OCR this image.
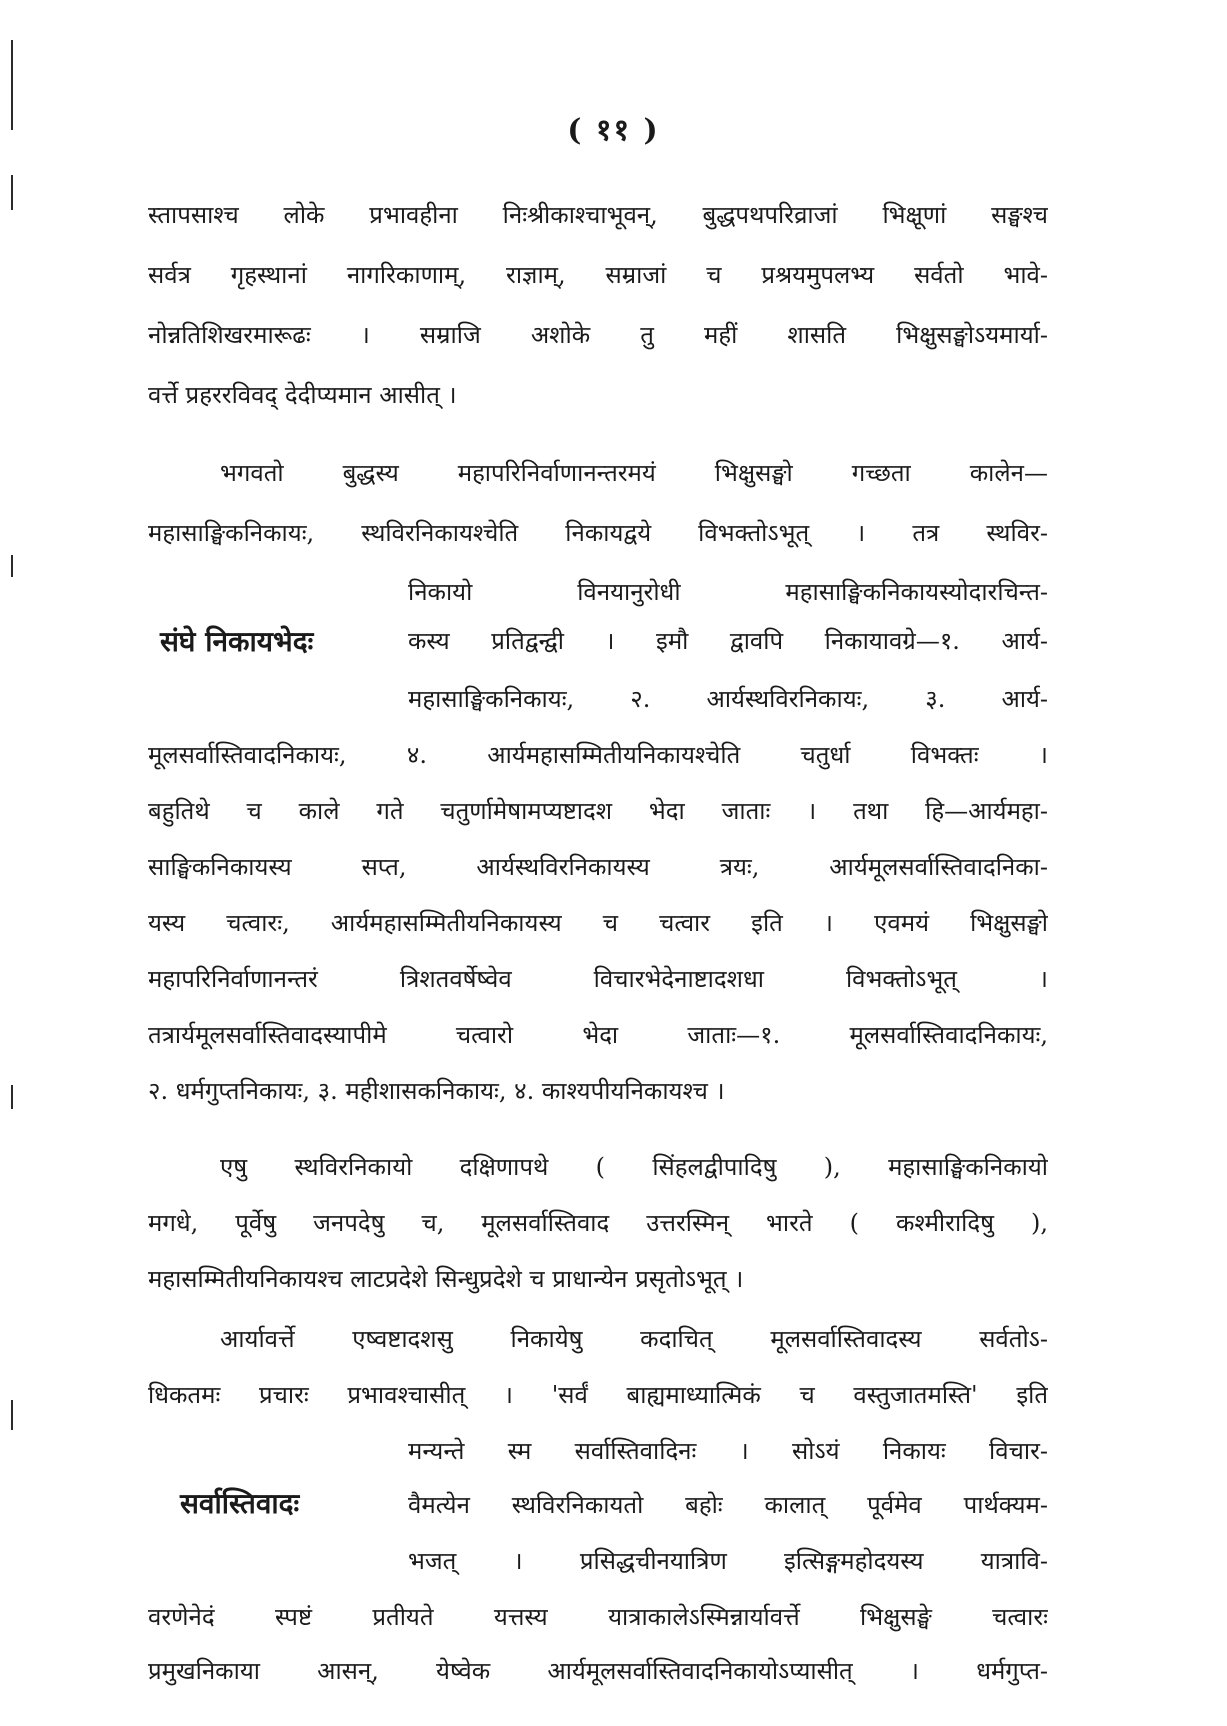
( ११ )
स्तापसाश्च लोके प्रभावहीना निःश्रीकाश्चाभूवन्, बुद्धपथपरिव्राजां भिक्षूणां सङ्घश्च
सर्वत्र गृहस्थानां नागरिकाणाम्, राज्ञाम्, सम्राजां च प्रश्रयमुपलभ्य सर्वतो भावे-
नोन्नतिशिखरमारूढः । सम्राजि अशोके तु महीं शासति भिक्षुसङ्घोऽयमार्या-
वर्त्ते प्रहररविवद् देदीप्यमान आसीत् ।
भगवतो बुद्धस्य महापरिनिर्वाणानन्तरमयं भिक्षुसङ्घो गच्छता कालेन—
महासाङ्घिकनिकायः, स्थविरनिकायश्चेति निकायद्वये विभक्तोऽभूत् । तत्र स्थविर-
निकायो विनयानुरोधी महासाङ्घिकनिकायस्योदारचिन्त-
संघे निकायभेदः	कस्य प्रतिद्वन्द्वी । इमौ द्वावपि निकायावग्रे—१. आर्य-
महासाङ्घिकनिकायः, २. आर्यस्थविरनिकायः, ३. आर्य-
मूलसर्वास्तिवादनिकायः, ४. आर्यमहासम्मितीयनिकायश्चेति चतुर्धा विभक्तः ।
बहुतिथे च काले गते चतुर्णामेषामप्यष्टादश भेदा जाताः । तथा हि—आर्यमहा-
साङ्घिकनिकायस्य सप्त, आर्यस्थविरनिकायस्य त्रयः, आर्यमूलसर्वास्तिवादनिका-
यस्य चत्वारः, आर्यमहासम्मितीयनिकायस्य च चत्वार इति । एवमयं भिक्षुसङ्घो
महापरिनिर्वाणानन्तरं त्रिशतवर्षेष्वेव विचारभेदेनाष्टादशधा विभक्तोऽभूत् ।
तत्रार्यमूलसर्वास्तिवादस्यापीमे चत्वारो भेदा जाताः—१. मूलसर्वास्तिवादनिकायः,
२. धर्मगुप्तनिकायः, ३. महीशासकनिकायः, ४. काश्यपीयनिकायश्च ।
एषु स्थविरनिकायो दक्षिणापथे ( सिंहलद्वीपादिषु ), महासाङ्घिकनिकायो
मगधे, पूर्वेषु जनपदेषु च, मूलसर्वास्तिवाद उत्तरस्मिन् भारते ( कश्मीरादिषु ),
महासम्मितीयनिकायश्च लाटप्रदेशे सिन्धुप्रदेशे च प्राधान्येन प्रसृतोऽभूत् ।
आर्यावर्त्ते एष्वष्टादशसु निकायेषु कदाचित् मूलसर्वास्तिवादस्य सर्वतोऽ-
धिकतमः प्रचारः प्रभावश्चासीत् । 'सर्वं बाह्यमाध्यात्मिकं च वस्तुजातमस्ति' इति
मन्यन्ते स्म सर्वास्तिवादिनः । सोऽयं निकायः विचार-
सर्वास्तिवादः	वैमत्येन स्थविरनिकायतो बहोः कालात् पूर्वमेव पार्थक्यम-
भजत् । प्रसिद्धचीनयात्रिण इत्सिङ्गमहोदयस्य यात्रावि-
वरणेनेदं स्पष्टं प्रतीयते यत्तस्य यात्राकालेऽस्मिन्नार्यावर्त्ते भिक्षुसङ्घे चत्वारः
प्रमुखनिकाया आसन्, येष्वेक आर्यमूलसर्वास्तिवादनिकायोऽप्यासीत् । धर्मगुप्त-
